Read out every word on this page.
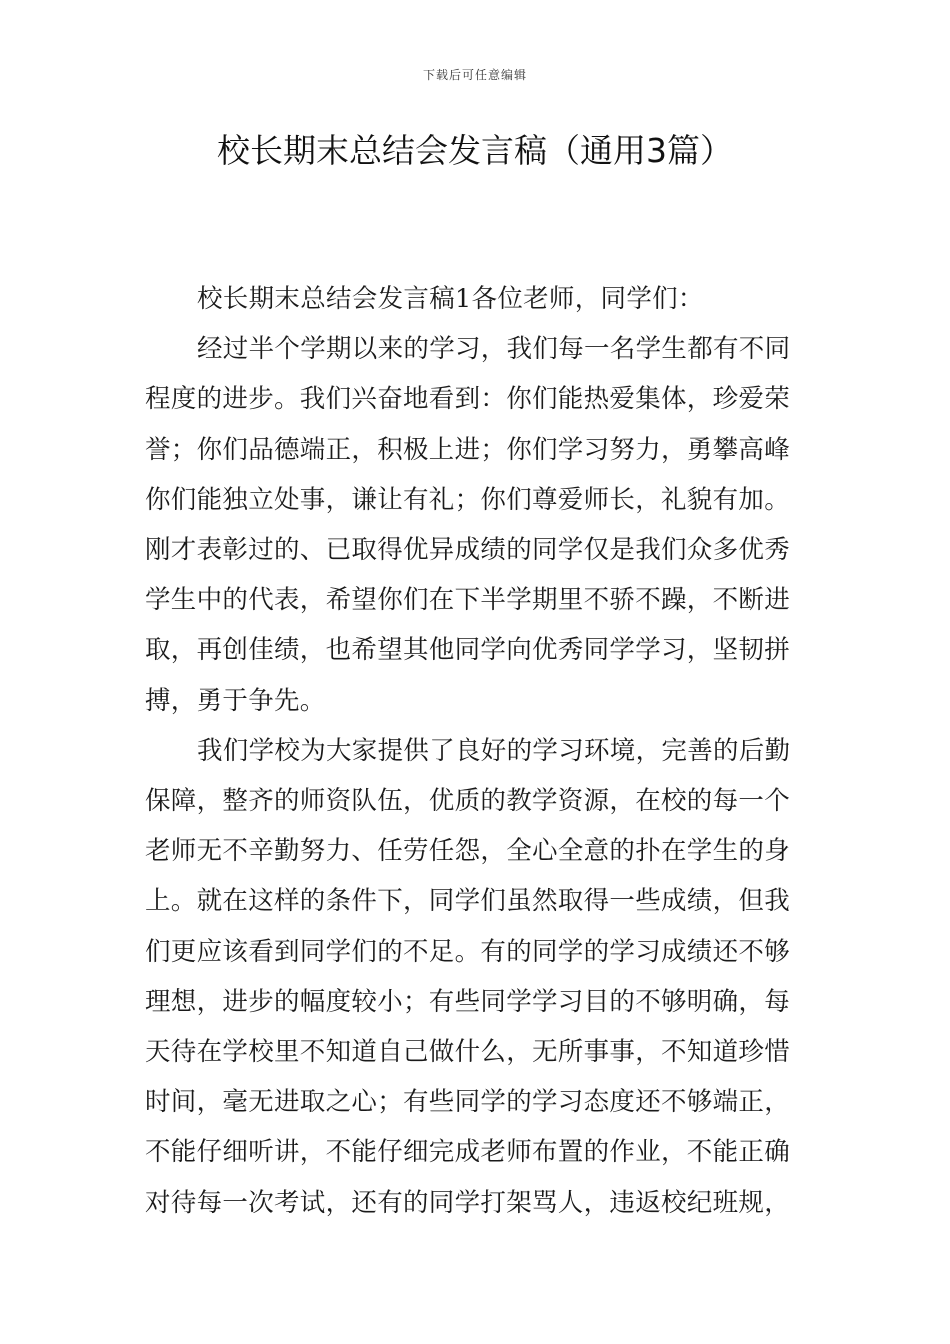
下载后可任意编辑
校长期末总结会发言稿（通用3篇）
校长期末总结会发言稿1各位老师，同学们：
经过半个学期以来的学习，我们每一名学生都有不同
程度的进步。我们兴奋地看到：你们能热爱集体，珍爱荣
誉；你们品德端正，积极上进；你们学习努力，勇攀高峰
你们能独立处事，谦让有礼；你们尊爱师长，礼貌有加。
刚才表彰过的、已取得优异成绩的同学仅是我们众多优秀
学生中的代表，希望你们在下半学期里不骄不躁，不断进
取，再创佳绩，也希望其他同学向优秀同学学习，坚韧拼
搏，勇于争先。
我们学校为大家提供了良好的学习环境，完善的后勤
保障，整齐的师资队伍，优质的教学资源，在校的每一个
老师无不辛勤努力、任劳任怨，全心全意的扑在学生的身
上。就在这样的条件下，同学们虽然取得一些成绩，但我
们更应该看到同学们的不足。有的同学的学习成绩还不够
理想，进步的幅度较小；有些同学学习目的不够明确，每
天待在学校里不知道自己做什么，无所事事，不知道珍惜
时间，毫无进取之心；有些同学的学习态度还不够端正，
不能仔细听讲，不能仔细完成老师布置的作业，不能正确
对待每一次考试，还有的同学打架骂人，违返校纪班规，
